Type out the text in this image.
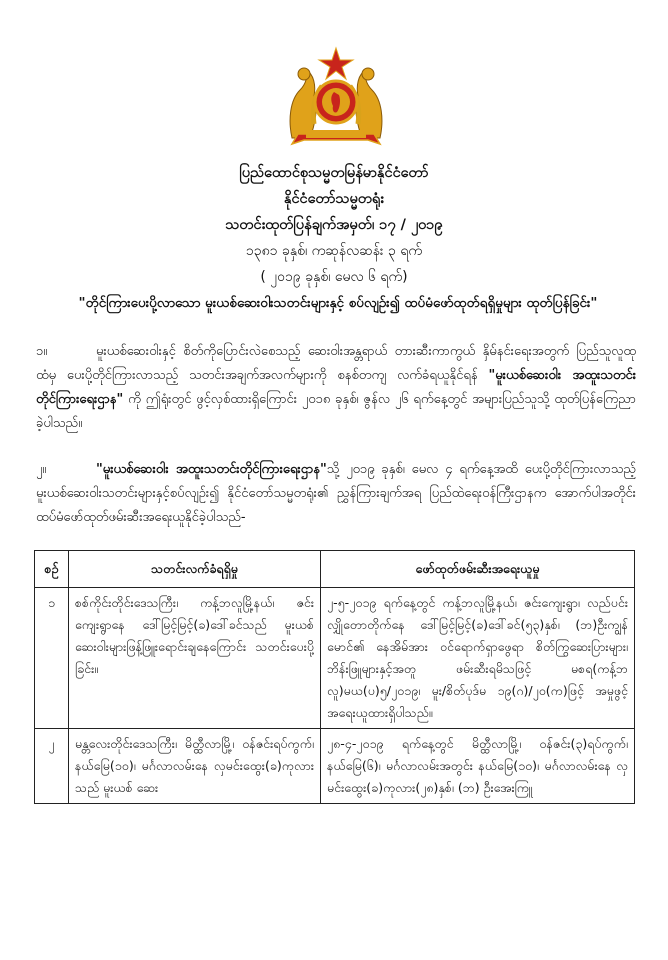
ပြည်ထောင်စုသမ္မတမြန်မာနိုင်ငံတော်
နိုင်ငံတော်သမ္မတရုံး
သတင်းထုတ်ပြန်ချက်အမှတ်၊ ၁၇ / ၂၀၁၉
၁၃၈၁ ခုနှစ်၊ ကဆုန်လဆန်း ၃ ရက်
( ၂၀၁၉ ခုနှစ်၊ မေလ ၆ ရက်)
"တိုင်ကြားပေးပို့လာသော မူးယစ်ဆေးဝါးသတင်းများနှင့် စပ်လျဉ်း၍ ထပ်မံဖော်ထုတ်ရရှိမှုများ ထုတ်ပြန်ခြင်း"
၁။	မူးယစ်ဆေးဝါးနှင့် စိတ်ကိုပြောင်းလဲစေသည့် ဆေးဝါးအန္တရာယ် တားဆီးကာကွယ် နှိမ်နင်းရေးအတွက် ပြည်သူလူထုထံမှ ပေးပို့တိုင်ကြားလာသည့် သတင်းအချက်အလက်များကို စနစ်တကျ လက်ခံရယူနိုင်ရန် "မူးယစ်ဆေးဝါး အထူးသတင်းတိုင်ကြားရေးဌာန" ကို ဤရုံးတွင် ဖွင့်လှစ်ထားရှိကြောင်း ၂၀၁၈ ခုနှစ်၊ ဇွန်လ ၂၆ ရက်နေ့တွင် အများပြည်သူသို့ ထုတ်ပြန်ကြေညာခဲ့ပါသည်။
၂။	"မူးယစ်ဆေးဝါး အထူးသတင်းတိုင်ကြားရေးဌာန"သို့ ၂၀၁၉ ခုနှစ်၊ မေလ ၄ ရက်နေ့အထိ ပေးပို့တိုင်ကြားလာသည့် မူးယစ်ဆေးဝါးသတင်းများနှင့်စပ်လျဉ်း၍ နိုင်ငံတော်သမ္မတရုံး၏ ညွှန်ကြားချက်အရ ပြည်ထဲရေးဝန်ကြီးဌာနက အောက်ပါအတိုင်း ထပ်မံဖော်ထုတ်ဖမ်းဆီးအရေးယူနိုင်ခဲ့ပါသည်-
စဉ်	သတင်းလက်ခံရရှိမှု	ဖော်ထုတ်ဖမ်းဆီးအရေးယူမှု
၁	စစ်ကိုင်းတိုင်းဒေသကြီး၊ ကန့်ဘလူမြို့နယ်၊ ဇင်းကျေးရွာနေ ဒေါ်မြင့်မြင့်(ခ)ဒေါ်ခင်သည် မူးယစ်ဆေးဝါးများဖြန့်ဖြူးရောင်းချနေကြောင်း သတင်းပေးပို့ခြင်း။	၂-၅-၂၀၁၉ ရက်နေ့တွင် ကန့်ဘလူမြို့နယ်၊ ဇင်းကျေးရွာ၊ လည်ပင်းလျှိုတောတိုက်နေ ဒေါ်မြင့်မြင့်(ခ)ဒေါ်ခင်(၅၃)နှစ်၊ (ဘ)ဦးကျွန်မောင်၏ နေအိမ်အား ဝင်ရောက်ရှာဖွေရာ စိတ်ကြွဆေးပြားများ၊ ဘိန်းဖြူများနှင့်အတူ ဖမ်းဆီးရမိသဖြင့် မစရ(ကန့်ဘလူ)မယ(ပ)၅/၂၀၁၉၊ မူး/စိတ်ပုဒ်မ ၁၉(ဂ)/၂၀(က)ဖြင့် အမှုဖွင့် အရေးယူထားရှိပါသည်။
၂	မန္တလေးတိုင်းဒေသကြီး၊ မိတ္ထီလာမြို့၊ ဝန်ဇင်းရပ်ကွက်၊ နယ်မြေ(၁၀)၊ မင်္ဂလာလမ်းနေ လှမင်းထွေး(ခ)ကုလားသည် မူးယစ် ဆေး	၂၈-၄-၂၀၁၉ ရက်နေ့တွင် မိတ္ထီလာမြို့၊ ဝန်ဇင်း(၃)ရပ်ကွက်၊ နယ်မြေ(၆)၊ မင်္ဂလာလမ်းအတွင်း နယ်မြေ(၁၀)၊ မင်္ဂလာလမ်းနေ လှမင်းထွေး(ခ)ကုလား(၂၈)နှစ်၊ (ဘ) ဦးအေးကြူ
